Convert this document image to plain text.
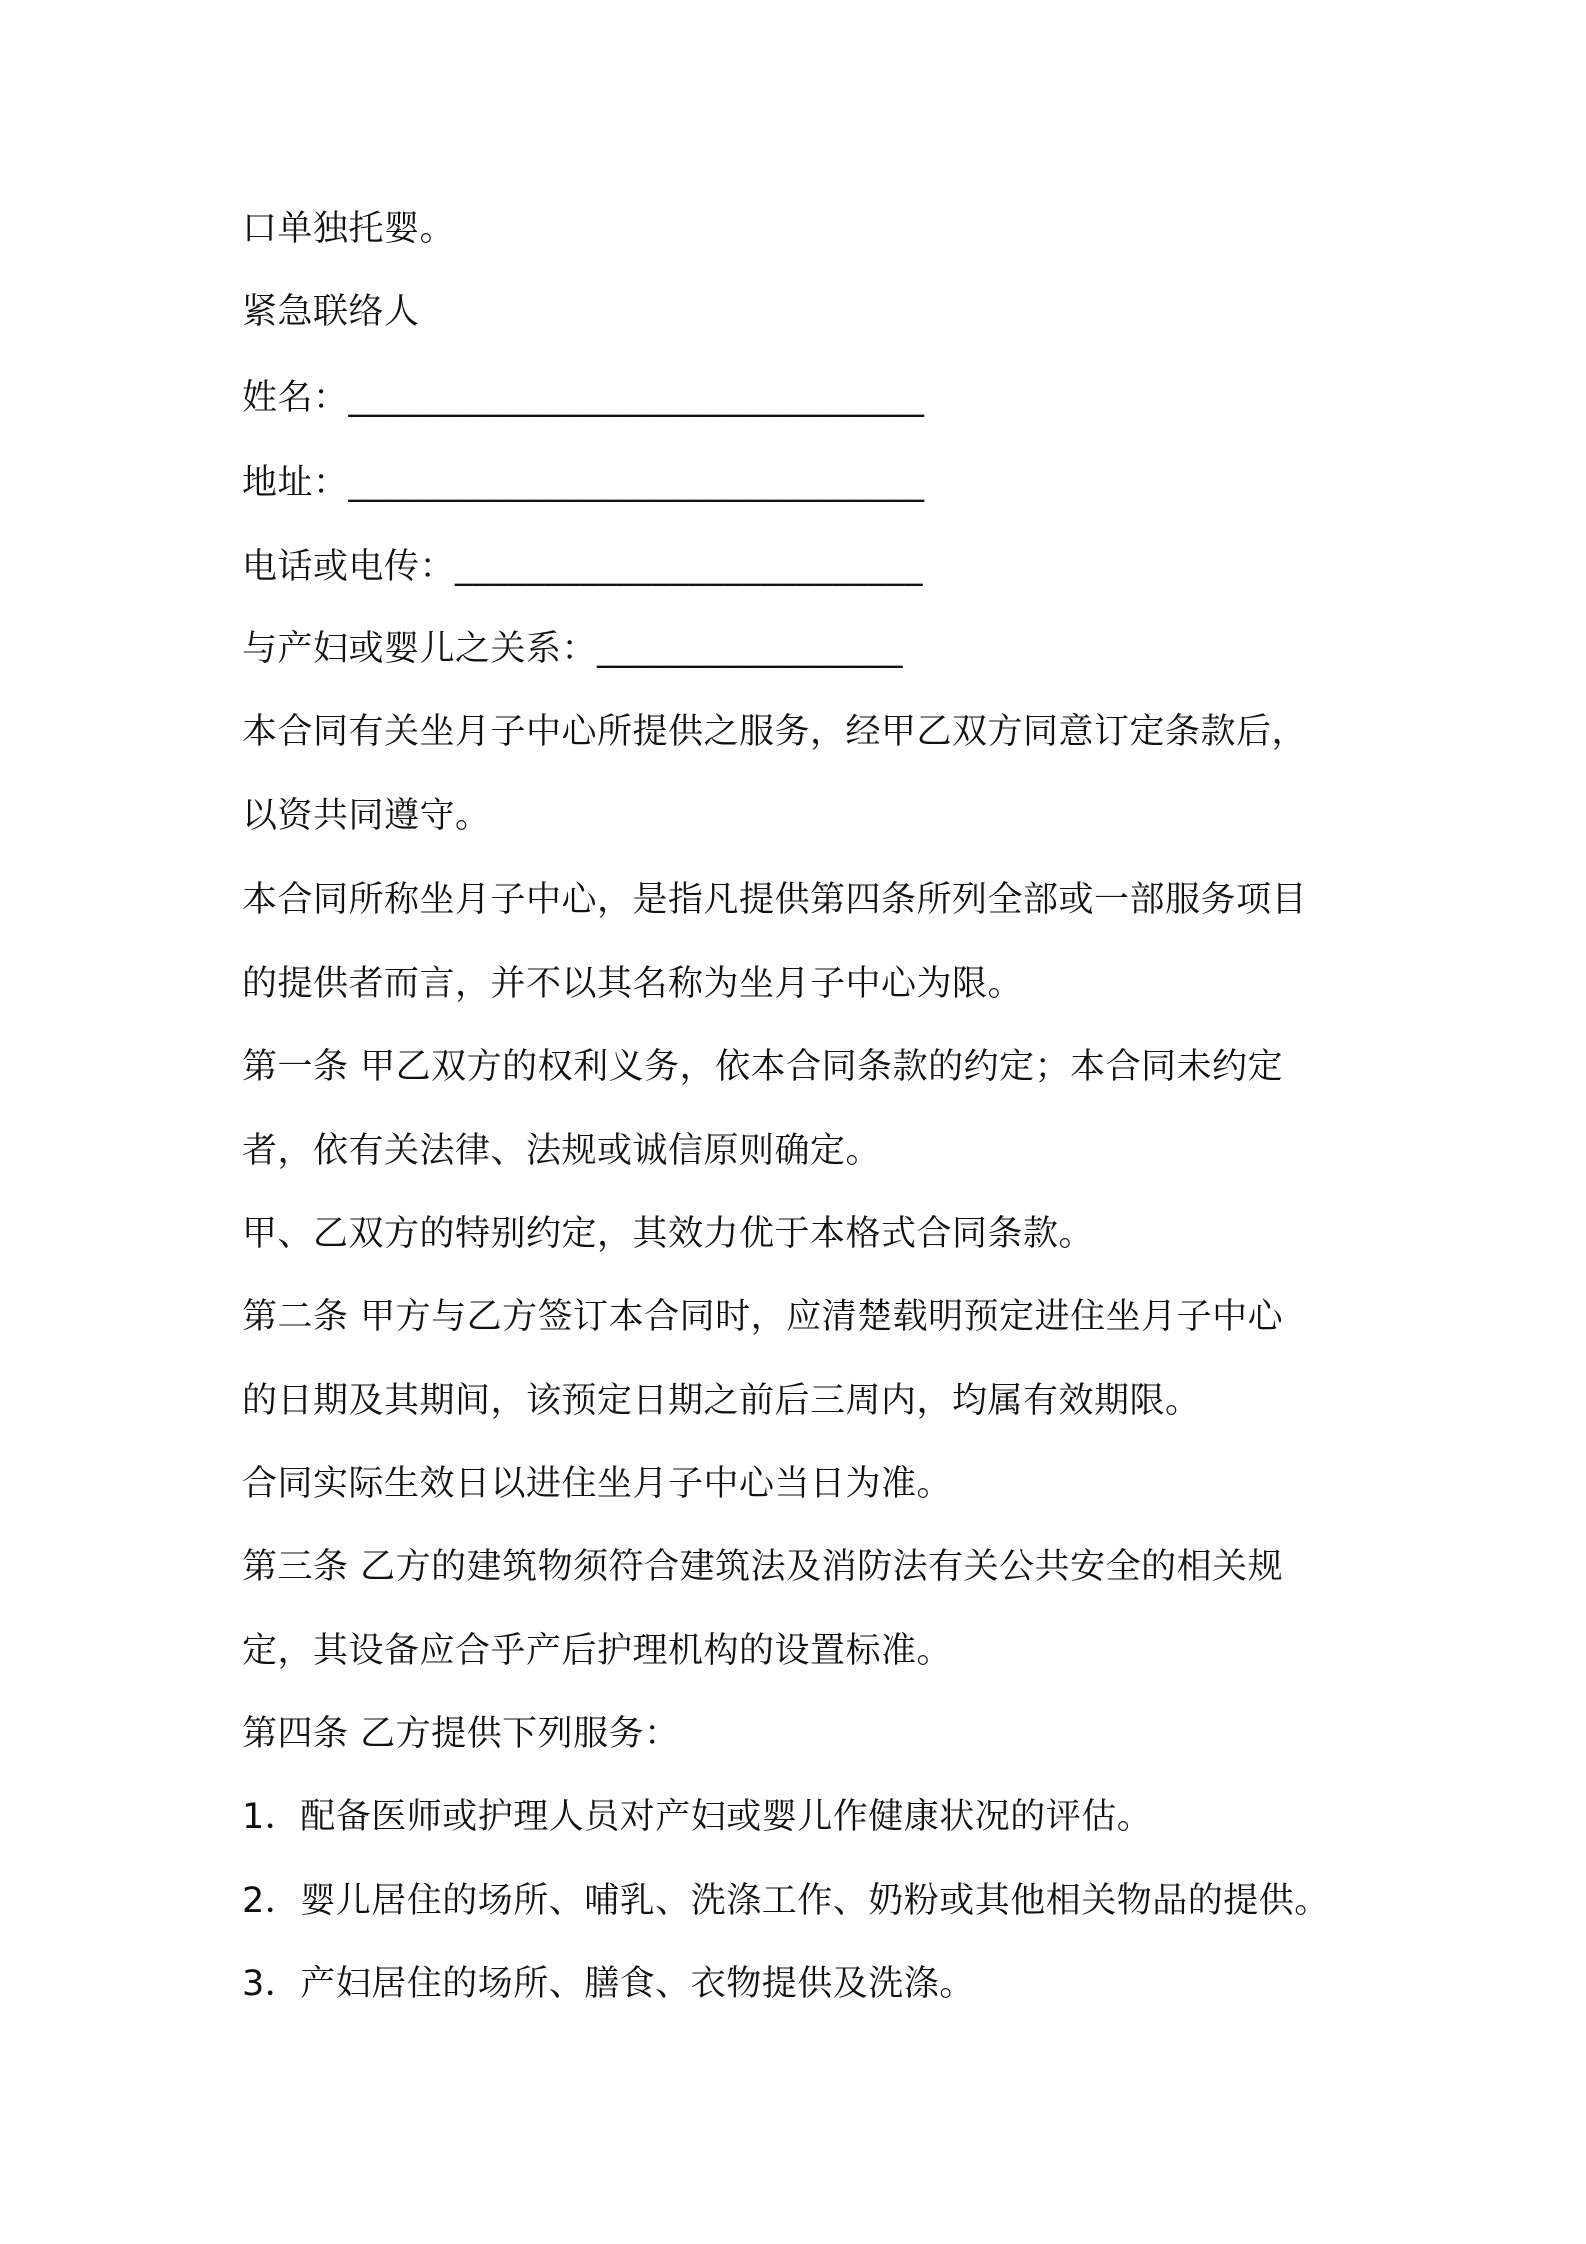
口单独托婴。
紧急联络人
姓名：________________________________
地址：________________________________
电话或电传：__________________________
与产妇或婴儿之关系：_________________
本合同有关坐月子中心所提供之服务，经甲乙双方同意订定条款后，
以资共同遵守。
本合同所称坐月子中心，是指凡提供第四条所列全部或一部服务项目
的提供者而言，并不以其名称为坐月子中心为限。
第一条 甲乙双方的权利义务，依本合同条款的约定；本合同未约定
者，依有关法律、法规或诚信原则确定。
甲、乙双方的特别约定，其效力优于本格式合同条款。
第二条 甲方与乙方签订本合同时，应清楚载明预定进住坐月子中心
的日期及其期间，该预定日期之前后三周内，均属有效期限。
合同实际生效日以进住坐月子中心当日为准。
第三条 乙方的建筑物须符合建筑法及消防法有关公共安全的相关规
定，其设备应合乎产后护理机构的设置标准。
第四条 乙方提供下列服务：
1．配备医师或护理人员对产妇或婴儿作健康状况的评估。
2．婴儿居住的场所、哺乳、洗涤工作、奶粉或其他相关物品的提供。
3．产妇居住的场所、膳食、衣物提供及洗涤。
